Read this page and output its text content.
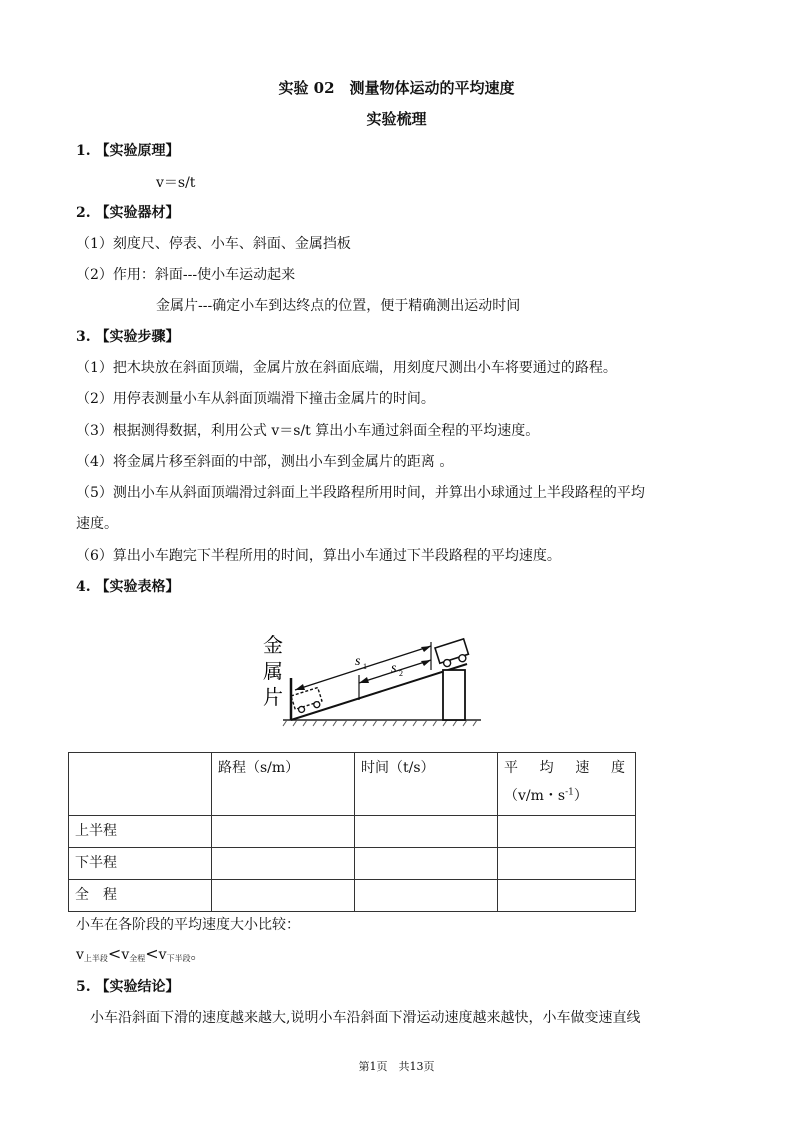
实验 02　测量物体运动的平均速度
实验梳理
1. 【实验原理】
v＝s/t
2. 【实验器材】
（1）刻度尺、停表、小车、斜面、金属挡板
（2）作用：斜面---使小车运动起来
金属片---确定小车到达终点的位置，便于精确测出运动时间
3. 【实验步骤】
（1）把木块放在斜面顶端，金属片放在斜面底端，用刻度尺测出小车将要通过的路程。
（2）用停表测量小车从斜面顶端滑下撞击金属片的时间。
（3）根据测得数据，利用公式 v＝s/t 算出小车通过斜面全程的平均速度。
（4）将金属片移至斜面的中部，测出小车到金属片的距离 。
（5）测出小车从斜面顶端滑过斜面上半段路程所用时间，并算出小球通过上半段路程的平均
速度。
（6）算出小车跑完下半程所用的时间，算出小车通过下半段路程的平均速度。
4. 【实验表格】
s 1 s 2
金
属
片
	路程（s/m）	时间（t/s）	平 均 速 度
（v/m・$s^{-1}$）

上半程			
下半程			
全　程			
小车在各阶段的平均速度大小比较：
$v_{上半段}<v_{全程}<v_{下半段}$。
5. 【实验结论】
小车沿斜面下滑的速度越来越大,说明小车沿斜面下滑运动速度越来越快，小车做变速直线
第1页　共13页
